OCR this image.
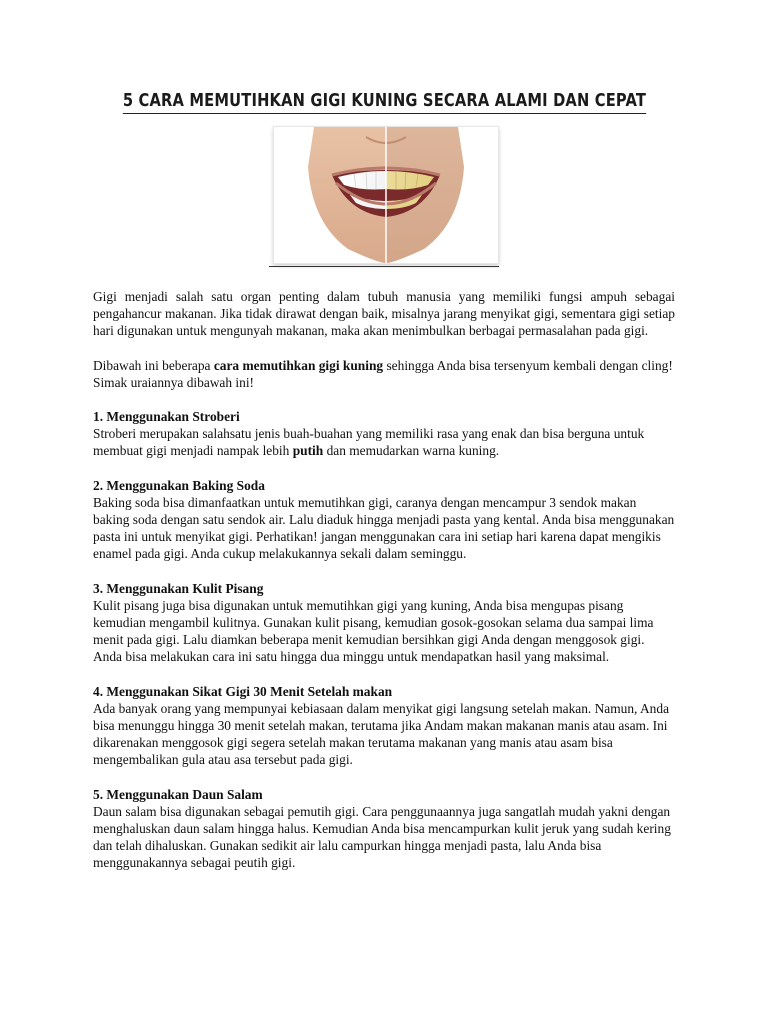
5 CARA MEMUTIHKAN GIGI KUNING SECARA ALAMI DAN CEPAT

Gigi menjadi salah satu organ penting dalam tubuh manusia yang memiliki fungsi ampuh sebagai pengahancur makanan. Jika tidak dirawat dengan baik, misalnya jarang menyikat gigi, sementara gigi setiap hari digunakan untuk mengunyah makanan, maka akan menimbulkan berbagai permasalahan pada gigi.

Dibawah ini beberapa cara memutihkan gigi kuning sehingga Anda bisa tersenyum kembali dengan cling! Simak uraiannya dibawah ini!

1. Menggunakan Stroberi

Stroberi merupakan salahsatu jenis buah-buahan yang memiliki rasa yang enak dan bisa berguna untuk membuat gigi menjadi nampak lebih putih dan memudarkan warna kuning.

2. Menggunakan Baking Soda

Baking soda bisa dimanfaatkan untuk memutihkan gigi, caranya dengan mencampur 3 sendok makan baking soda dengan satu sendok air. Lalu diaduk hingga menjadi pasta yang kental. Anda bisa menggunakan pasta ini untuk menyikat gigi. Perhatikan! jangan menggunakan cara ini setiap hari karena dapat mengikis enamel pada gigi. Anda cukup melakukannya sekali dalam seminggu.

3. Menggunakan Kulit Pisang

Kulit pisang juga bisa digunakan untuk memutihkan gigi yang kuning, Anda bisa mengupas pisang kemudian mengambil kulitnya. Gunakan kulit pisang, kemudian gosok-gosokan selama dua sampai lima menit pada gigi. Lalu diamkan beberapa menit kemudian bersihkan gigi Anda dengan menggosok gigi. Anda bisa melakukan cara ini satu hingga dua minggu untuk mendapatkan hasil yang maksimal.

4. Menggunakan Sikat Gigi 30 Menit Setelah makan

Ada banyak orang yang mempunyai kebiasaan dalam menyikat gigi langsung setelah makan. Namun, Anda bisa menunggu hingga 30 menit setelah makan, terutama jika Andam makan makanan manis atau asam. Ini dikarenakan menggosok gigi segera setelah makan terutama makanan yang manis atau asam bisa mengembalikan gula atau asa tersebut pada gigi.

5. Menggunakan Daun Salam

Daun salam bisa digunakan sebagai pemutih gigi. Cara penggunaannya juga sangatlah mudah yakni dengan menghaluskan daun salam hingga halus. Kemudian Anda bisa mencampurkan kulit jeruk yang sudah kering dan telah dihaluskan. Gunakan sedikit air lalu campurkan hingga menjadi pasta, lalu Anda bisa menggunakannya sebagai peutih gigi.
